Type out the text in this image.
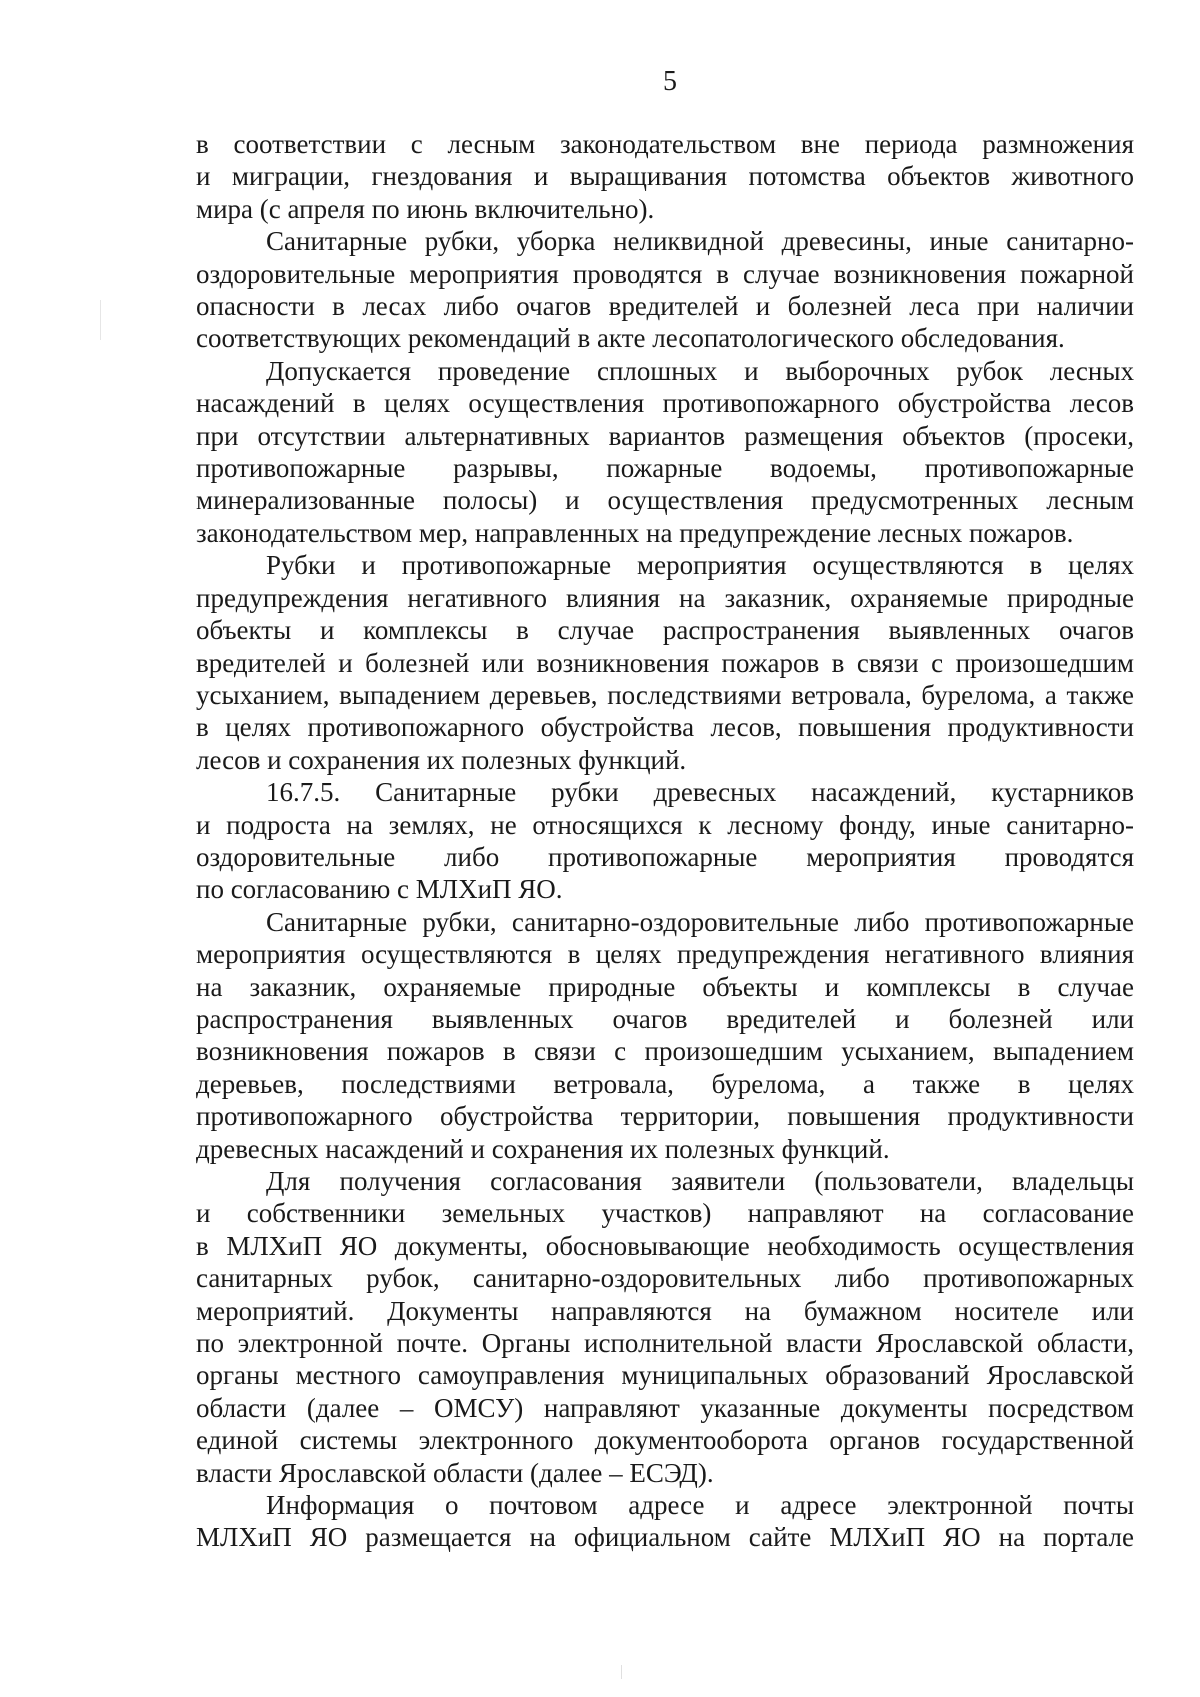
5

в соответствии с лесным законодательством вне периода размножения
и миграции, гнездования и выращивания потомства объектов животного
мира (с апреля по июнь включительно).

Санитарные рубки, уборка неликвидной древесины, иные санитарно-
оздоровительные мероприятия проводятся в случае возникновения пожарной
опасности в лесах либо очагов вредителей и болезней леса при наличии
соответствующих рекомендаций в акте лесопатологического обследования.

Допускается проведение сплошных и выборочных рубок лесных
насаждений в целях осуществления противопожарного обустройства лесов
при отсутствии альтернативных вариантов размещения объектов (просеки,
противопожарные разрывы, пожарные водоемы, противопожарные
минерализованные полосы) и осуществления предусмотренных лесным
законодательством мер, направленных на предупреждение лесных пожаров.

Рубки и противопожарные мероприятия осуществляются в целях
предупреждения негативного влияния на заказник, охраняемые природные
объекты и комплексы в случае распространения выявленных очагов
вредителей и болезней или возникновения пожаров в связи с произошедшим
усыханием, выпадением деревьев, последствиями ветровала, бурелома, а также
в целях противопожарного обустройства лесов, повышения продуктивности
лесов и сохранения их полезных функций.

16.7.5. Санитарные рубки древесных насаждений, кустарников
и подроста на землях, не относящихся к лесному фонду, иные санитарно-
оздоровительные либо противопожарные мероприятия проводятся
по согласованию с МЛХиП ЯО.

Санитарные рубки, санитарно-оздоровительные либо противопожарные
мероприятия осуществляются в целях предупреждения негативного влияния
на заказник, охраняемые природные объекты и комплексы в случае
распространения выявленных очагов вредителей и болезней или
возникновения пожаров в связи с произошедшим усыханием, выпадением
деревьев, последствиями ветровала, бурелома, а также в целях
противопожарного обустройства территории, повышения продуктивности
древесных насаждений и сохранения их полезных функций.

Для получения согласования заявители (пользователи, владельцы
и собственники земельных участков) направляют на согласование
в МЛХиП ЯО документы, обосновывающие необходимость осуществления
санитарных рубок, санитарно-оздоровительных либо противопожарных
мероприятий. Документы направляются на бумажном носителе или
по электронной почте. Органы исполнительной власти Ярославской области,
органы местного самоуправления муниципальных образований Ярославской
области (далее – ОМСУ) направляют указанные документы посредством
единой системы электронного документооборота органов государственной
власти Ярославской области (далее – ЕСЭД).

Информация о почтовом адресе и адресе электронной почты
МЛХиП ЯО размещается на официальном сайте МЛХиП ЯО на портале
